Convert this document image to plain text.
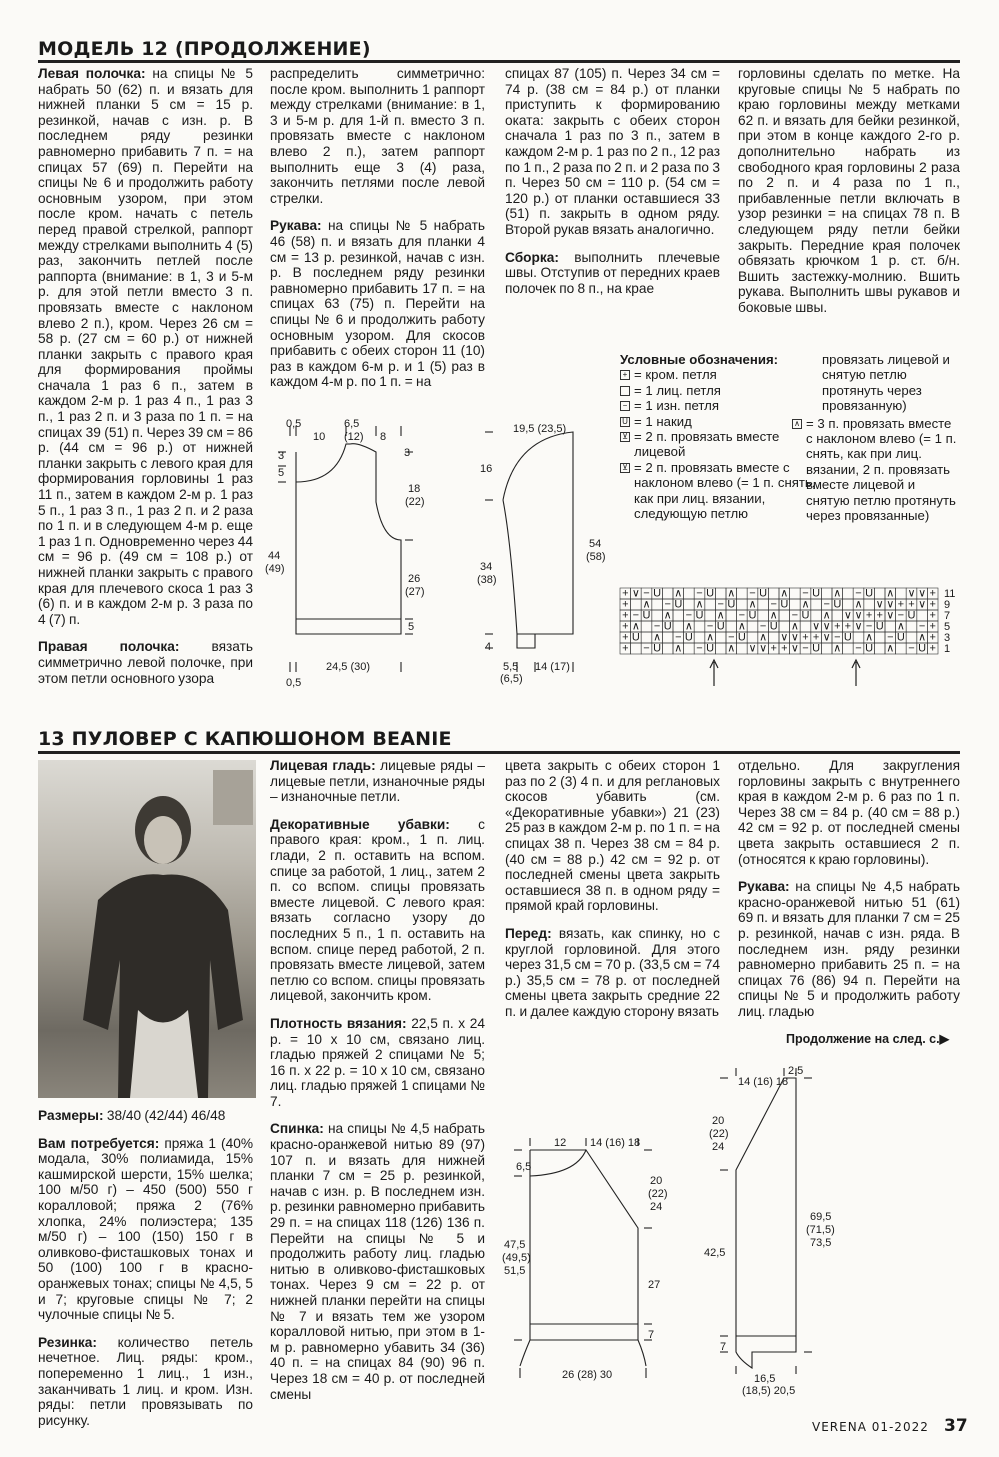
МОДЕЛЬ 12 (ПРОДОЛЖЕНИЕ)

Левая полочка: на спицы № 5 набрать 50 (62) п. и вязать для нижней планки 5 см = 15 р. резинкой, начав с изн. р. В последнем ряду резинки равномерно прибавить 7 п. = на спицах 57 (69) п. Перейти на спицы № 6 и продолжить работу основным узором, при этом после кром. начать с петель перед правой стрелкой, раппорт между стрелками выполнить 4 (5) раз, закончить петлей после раппорта (внимание: в 1, 3 и 5-м р. для этой петли вместо 3 п. провязать вместе с наклоном влево 2 п.), кром. Через 26 см = 58 р. (27 см = 60 р.) от нижней планки закрыть с правого края для формирования проймы сначала 1 раз 6 п., затем в каждом 2-м р. 1 раз 4 п., 1 раз 3 п., 1 раз 2 п. и 3 раза по 1 п. = на спицах 39 (51) п. Через 39 см = 86 р. (44 см = 96 р.) от нижней планки закрыть с левого края для формирования горловины 1 раз 11 п., затем в каждом 2-м р. 1 раз 5 п., 1 раз 3 п., 1 раз 2 п. и 2 раза по 1 п. и в следующем 4-м р. еще 1 раз 1 п. Одновременно через 44 см = 96 р. (49 см = 108 р.) от нижней планки закрыть с правого края для плечевого скоса 1 раз 3 (6) п. и в каждом 2-м р. 3 раза по 4 (7) п.

Правая полочка: вязать симметрично левой полочке, при этом петли основного узора

распределить симметрично: после кром. выполнить 1 раппорт между стрелками (внимание: в 1, 3 и 5-м р. для 1-й п. вместо 3 п. провязать вместе с наклоном влево 2 п.), затем раппорт выполнить еще 3 (4) раза, закончить петлями после левой стрелки.

Рукава: на спицы № 5 набрать 46 (58) п. и вязать для планки 4 см = 13 р. резинкой, начав с изн. р. В последнем ряду резинки равномерно прибавить 17 п. = на спицах 63 (75) п. Перейти на спицы № 6 и продолжить работу основным узором. Для скосов прибавить с обеих сторон 11 (10) раз в каждом 6-м р. и 1 (5) раз в каждом 4-м р. по 1 п. = на

спицах 87 (105) п. Через 34 см = 74 р. (38 см = 84 р.) от планки приступить к формированию оката: закрыть с обеих сторон сначала 1 раз по 3 п., затем в каждом 2-м р. 1 раз по 2 п., 12 раз по 1 п., 2 раза по 2 п. и 2 раза по 3 п. Через 50 см = 110 р. (54 см = 120 р.) от планки оставшиеся 33 (51) п. закрыть в одном ряду. Второй рукав вязать аналогично.

Сборка: выполнить плечевые швы. Отступив от передних краев полочек по 8 п., на крае

горловины сделать по метке. На круговые спицы № 5 набрать по краю горловины между метками 62 п. и вязать для бейки резинкой, при этом в конце каждого 2-го р. дополнительно набрать из свободного края горловины 2 раза по 2 п. и 4 раза по 1 п., прибавленные петли включать в узор резинки = на спицах 78 п. В следующем ряду петли бейки закрыть. Передние края полочек обвязать крючком 1 р. ст. б/н. Вшить застежку-молнию. Вшить рукава. Выполнить швы рукавов и боковые швы.

0,5
10
6,5
(12) 8
3
5
3
18
(22)
44
(49)
26
(27)
5
24,5 (30)
0,5
19,5 (23,5)
16
34
(38)
54
(58)
4
5,5
(6,5)
14 (17)
Условные обозначения:
+ = кром. петля
= 1 лиц. петля
− = 1 изн. петля
U = 1 накид
⊻ = 2 п. провязать вместе лицевой
⊻ = 2 п. провязать вместе с наклоном влево (= 1 п. снять, как при лиц. вязании, следующую петлю
провязать лицевой и снятую петлю протянуть через провязанную)
∧ = 3 п. провязать вместе с наклоном влево (= 1 п. снять, как при лиц. вязании, 2 п. провязать вместе лицевой и снятую петлю протянуть через провязанные)
+ ∨ − U ∧ − U ∧ − U ∧ − U ∧ − U ∧ ∨ ∨ + 11
+ ∧ − U ∧ − U ∧ − U ∧ − U ∧ ∨ ∨ + + ∨ + 9
+ − U ∧ − U ∧ − U ∧ − U ∧ ∨ ∨ + + ∨ − U + 7
+ ∧ − U ∧ − U ∧ − U ∧ ∨ ∨ + + ∨ − U ∧ − + 5
+ U ∧ − U ∧ − U ∧ ∨ ∨ + + ∨ − U ∧ − U ∧ + 3
+ − U ∧ − U ∧ ∨ ∨ + + ∨ − U ∧ − U ∧ − U + 1
13 ПУЛОВЕР С КАПЮШОНОМ BEANIE

Размеры: 38/40 (42/44) 46/48

Вам потребуется: пряжа 1 (40% модала, 30% полиамида, 15% кашмирской шерсти, 15% шелка; 100 м/50 г) – 450 (500) 550 г коралловой; пряжа 2 (76% хлопка, 24% полиэстера; 135 м/50 г) – 100 (150) 150 г в оливково-фисташковых тонах и 50 (100) 100 г в красно-оранжевых тонах; спицы № 4,5, 5 и 7; круговые спицы № 7; 2 чулочные спицы № 5.

Резинка: количество петель нечетное. Лиц. ряды: кром., попеременно 1 лиц., 1 изн., заканчивать 1 лиц. и кром. Изн. ряды: петли провязывать по рисунку.

Лицевая гладь: лицевые ряды – лицевые петли, изнаночные ряды – изнаночные петли.

Декоративные убавки: с правого края: кром., 1 п. лиц. глади, 2 п. оставить на вспом. спице за работой, 1 лиц., затем 2 п. со вспом. спицы провязать вместе лицевой. С левого края: вязать согласно узору до последних 5 п., 1 п. оставить на вспом. спице перед работой, 2 п. провязать вместе лицевой, затем петлю со вспом. спицы провязать лицевой, закончить кром.

Плотность вязания: 22,5 п. х 24 р. = 10 х 10 см, связано лиц. гладью пряжей 2 спицами № 5; 16 п. х 22 р. = 10 х 10 см, связано лиц. гладью пряжей 1 спицами № 7.

Спинка: на спицы № 4,5 набрать красно-оранжевой нитью 89 (97) 107 п. и вязать для нижней планки 7 см = 25 р. резинкой, начав с изн. р. В последнем изн. р. резинки равномерно прибавить 29 п. = на спицах 118 (126) 136 п. Перейти на спицы № 5 и продолжить работу лиц. гладью нитью в оливково-фисташковых тонах. Через 9 см = 22 р. от нижней планки перейти на спицы № 7 и вязать тем же узором коралловой нитью, при этом в 1-м р. равномерно убавить 34 (36) 40 п. = на спицах 84 (90) 96 п. Через 18 см = 40 р. от последней смены

цвета закрыть с обеих сторон 1 раз по 2 (3) 4 п. и для реглановых скосов убавить (см. «Декоративные убавки») 21 (23) 25 раз в каждом 2-м р. по 1 п. = на спицах 38 п. Через 38 см = 84 р. (40 см = 88 р.) 42 см = 92 р. от последней смены цвета закрыть оставшиеся 38 п. в одном ряду = прямой край горловины.

Перед: вязать, как спинку, но с круглой горловиной. Для этого через 31,5 см = 70 р. (33,5 см = 74 р.) 35,5 см = 78 р. от последней смены цвета закрыть средние 22 п. и далее каждую сторону вязать

отдельно. Для закругления горловины закрыть с внутреннего края в каждом 2-м р. 6 раз по 1 п. Через 38 см = 84 р. (40 см = 88 р.) 42 см = 92 р. от последней смены цвета закрыть оставшиеся 2 п. (относятся к краю горловины).

Рукава: на спицы № 4,5 набрать красно-оранжевой нитью 51 (61) 69 п. и вязать для планки 7 см = 25 р. резинкой, начав с изн. ряда. В последнем изн. ряду резинки равномерно прибавить 25 п. = на спицах 76 (86) 94 п. Перейти на спицы № 5 и продолжить работу лиц. гладью

Продолжение на след. с.▶
12 14 (16) 18
6,5
20
(22)
24
47,5
(49,5)
51,5
27
7
26 (28) 30
14 (16) 18
2,5
20
(22)
24
69,5
(71,5)
73,5
42,5
7
16,5
(18,5) 20,5
VERENA 01-2022 37
